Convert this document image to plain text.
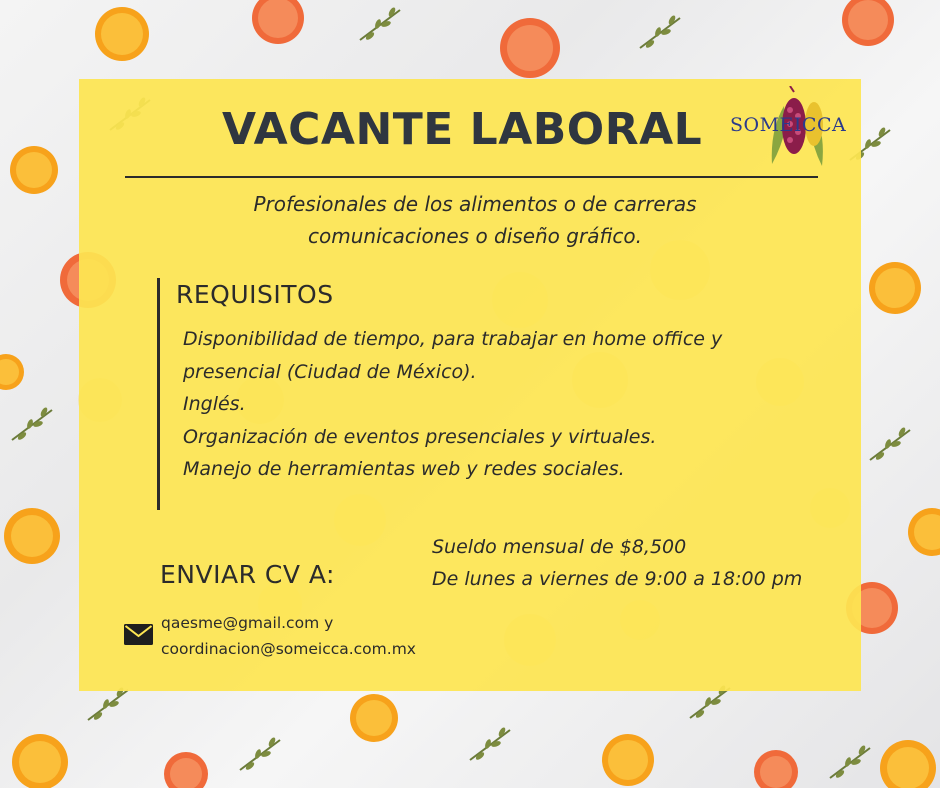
VACANTE LABORAL	SOMEICCA
Profesionales de los alimentos o de carreras
comunicaciones o diseño gráfico.
REQUISITOS
Disponibilidad de tiempo, para trabajar en home office y
presencial (Ciudad de México).
Inglés.
Organización de eventos presenciales y virtuales.
Manejo de herramientas web y redes sociales.
ENVIAR CV A:
Sueldo mensual de $8,500
De lunes a viernes de 9:00 a 18:00 pm
qaesme@gmail.com y
coordinacion@someicca.com.mx
